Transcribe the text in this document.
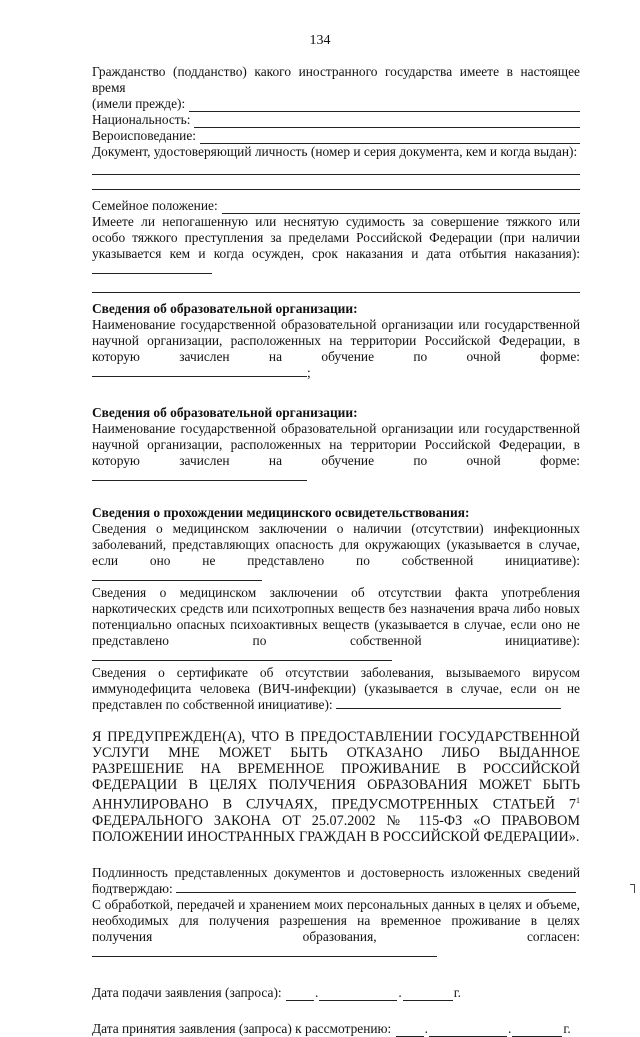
134

Гражданство (подданство) какого иностранного государства имеете в настоящее время

(имели прежде):
Национальность:
Вероисповедание:

Документ, удостоверяющий личность (номер и серия документа, кем и когда выдан):

Семейное положение:

Имеете ли непогашенную или неснятую судимость за совершение тяжкого или особо тяжкого преступления за пределами Российской Федерации (при наличии указывается кем и когда осужден, срок наказания и дата отбытия наказания):

Сведения об образовательной организации:

Наименование государственной образовательной организации или государственной научной организации, расположенных на территории Российской Федерации, в которую зачислен на обучение по очной форме: ;

Сведения об образовательной организации:

Наименование государственной образовательной организации или государственной научной организации, расположенных на территории Российской Федерации, в которую зачислен на обучение по очной форме:

Сведения о прохождении медицинского освидетельствования:

Сведения о медицинском заключении о наличии (отсутствии) инфекционных заболеваний, представляющих опасность для окружающих (указывается в случае, если оно не представлено по собственной инициативе):

Сведения о медицинском заключении об отсутствии факта употребления наркотических средств или психотропных веществ без назначения врача либо новых потенциально опасных психоактивных веществ (указывается в случае, если оно не представлено по собственной инициативе):

Сведения о сертификате об отсутствии заболевания, вызываемого вирусом иммунодефицита человека (ВИЧ-инфекции) (указывается в случае, если он не представлен по собственной инициативе):

Я ПРЕДУПРЕЖДЕН(А), ЧТО В ПРЕДОСТАВЛЕНИИ ГОСУДАРСТВЕННОЙ УСЛУГИ МНЕ МОЖЕТ БЫТЬ ОТКАЗАНО ЛИБО ВЫДАННОЕ РАЗРЕШЕНИЕ НА ВРЕМЕННОЕ ПРОЖИВАНИЕ В РОССИЙСКОЙ ФЕДЕРАЦИИ В ЦЕЛЯХ ПОЛУЧЕНИЯ ОБРАЗОВАНИЯ МОЖЕТ БЫТЬ АННУЛИРОВАНО В СЛУЧАЯХ, ПРЕДУСМОТРЕННЫХ СТАТЬЕЙ $7^1$ ФЕДЕРАЛЬНОГО ЗАКОНА ОТ 25.07.2002 № 115-ФЗ «О ПРАВОВОМ ПОЛОЖЕНИИ ИНОСТРАННЫХ ГРАЖДАН В РОССИЙСКОЙ ФЕДЕРАЦИИ».

Подлинность представленных документов и достоверность изложенных сведений подтверждаю:

С обработкой, передачей и хранением моих персональных данных в целях и объеме, необходимых для получения разрешения на временное проживание в целях получения образования, согласен:

Дата подачи заявления (запроса):
.	.	г.
Дата принятия заявления (запроса) к рассмотрению:
.	.	г.
